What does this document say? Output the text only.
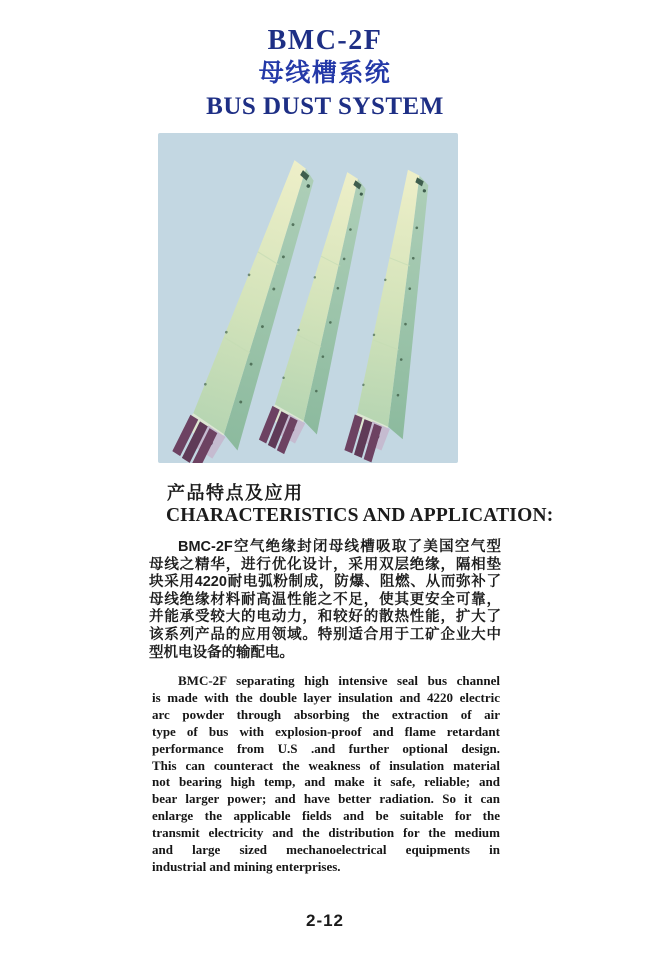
BMC-2F
母线槽系统
BUS DUST SYSTEM
产品特点及应用
CHARACTERISTICS AND APPLICATION:
BMC-2F空气绝缘封闭母线槽吸取了美国空气型
母线之精华，进行优化设计，采用双层绝缘，隔相垫
块采用4220耐电弧粉制成，防爆、阻燃、从而弥补了
母线绝缘材料耐高温性能之不足，使其更安全可靠，
并能承受较大的电动力，和较好的散热性能，扩大了
该系列产品的应用领域。特别适合用于工矿企业大中
型机电设备的输配电。
BMC-2F separating high intensive seal bus channel
is made with the double layer insulation and 4220 electric
arc powder through absorbing the extraction of air
type of bus with explosion-proof and flame retardant
performance from U.S .and further optional design.
This can counteract the weakness of insulation material
not bearing high temp, and make it safe, reliable; and
bear larger power; and have better radiation. So it can
enlarge the applicable fields and be suitable for the
transmit electricity and the distribution for the medium
and large sized mechanoelectrical equipments in
industrial and mining enterprises.
2-12
